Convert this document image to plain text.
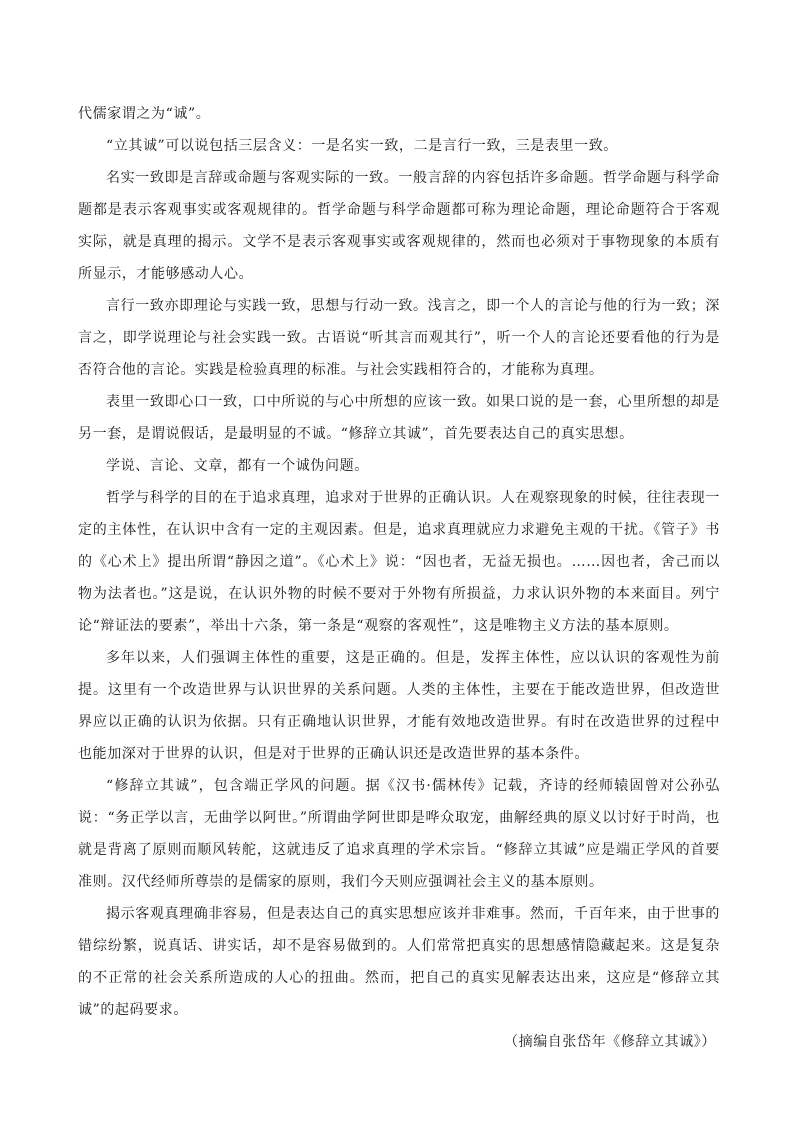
代儒家谓之为“诚”。

“立其诚”可以说包括三层含义：一是名实一致，二是言行一致，三是表里一致。

名实一致即是言辞或命题与客观实际的一致。一般言辞的内容包括许多命题。哲学命题与科学命题都是表示客观事实或客观规律的。哲学命题与科学命题都可称为理论命题，理论命题符合于客观实际，就是真理的揭示。文学不是表示客观事实或客观规律的，然而也必须对于事物现象的本质有所显示，才能够感动人心。

言行一致亦即理论与实践一致，思想与行动一致。浅言之，即一个人的言论与他的行为一致；深言之，即学说理论与社会实践一致。古语说“听其言而观其行”，听一个人的言论还要看他的行为是否符合他的言论。实践是检验真理的标准。与社会实践相符合的，才能称为真理。

表里一致即心口一致，口中所说的与心中所想的应该一致。如果口说的是一套，心里所想的却是另一套，是谓说假话，是最明显的不诚。“修辞立其诚”，首先要表达自己的真实思想。

学说、言论、文章，都有一个诚伪问题。

哲学与科学的目的在于追求真理，追求对于世界的正确认识。人在观察现象的时候，往往表现一定的主体性，在认识中含有一定的主观因素。但是，追求真理就应力求避免主观的干扰。《管子》书的《心术上》提出所谓“静因之道”。《心术上》说：“因也者，无益无损也。……因也者，舍己而以物为法者也。”这是说，在认识外物的时候不要对于外物有所损益，力求认识外物的本来面目。列宁论“辩证法的要素”，举出十六条，第一条是“观察的客观性”，这是唯物主义方法的基本原则。

多年以来，人们强调主体性的重要，这是正确的。但是，发挥主体性，应以认识的客观性为前提。这里有一个改造世界与认识世界的关系问题。人类的主体性，主要在于能改造世界，但改造世界应以正确的认识为依据。只有正确地认识世界，才能有效地改造世界。有时在改造世界的过程中也能加深对于世界的认识，但是对于世界的正确认识还是改造世界的基本条件。

“修辞立其诚”，包含端正学风的问题。据《汉书·儒林传》记载，齐诗的经师辕固曾对公孙弘说：“务正学以言，无曲学以阿世。”所谓曲学阿世即是哗众取宠，曲解经典的原义以讨好于时尚，也就是背离了原则而顺风转舵，这就违反了追求真理的学术宗旨。“修辞立其诚”应是端正学风的首要准则。汉代经师所尊崇的是儒家的原则，我们今天则应强调社会主义的基本原则。

揭示客观真理确非容易，但是表达自己的真实思想应该并非难事。然而，千百年来，由于世事的错综纷繁，说真话、讲实话，却不是容易做到的。人们常常把真实的思想感情隐藏起来。这是复杂的不正常的社会关系所造成的人心的扭曲。然而，把自己的真实见解表达出来，这应是“修辞立其诚”的起码要求。

（摘编自张岱年《修辞立其诚》）
